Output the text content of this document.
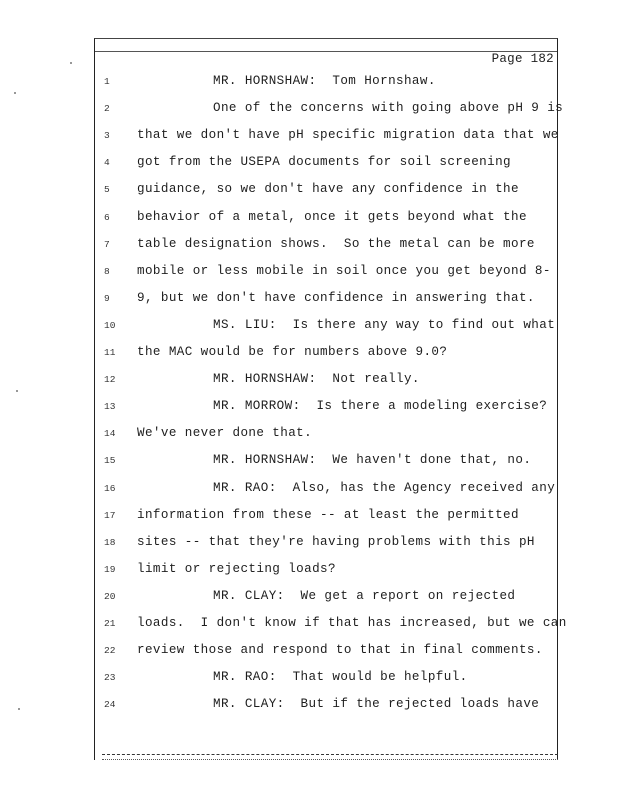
Page 182
1	MR. HORNSHAW:  Tom Hornshaw.
2	One of the concerns with going above pH 9 is
3	that we don't have pH specific migration data that we
4	got from the USEPA documents for soil screening
5	guidance, so we don't have any confidence in the
6	behavior of a metal, once it gets beyond what the
7	table designation shows.  So the metal can be more
8	mobile or less mobile in soil once you get beyond 8-
9	9, but we don't have confidence in answering that.
10	MS. LIU:  Is there any way to find out what
11	the MAC would be for numbers above 9.0?
12	MR. HORNSHAW:  Not really.
13	MR. MORROW:  Is there a modeling exercise?
14	We've never done that.
15	MR. HORNSHAW:  We haven't done that, no.
16	MR. RAO:  Also, has the Agency received any
17	information from these -- at least the permitted
18	sites -- that they're having problems with this pH
19	limit or rejecting loads?
20	MR. CLAY:  We get a report on rejected
21	loads.  I don't know if that has increased, but we can
22	review those and respond to that in final comments.
23	MR. RAO:  That would be helpful.
24	MR. CLAY:  But if the rejected loads have
